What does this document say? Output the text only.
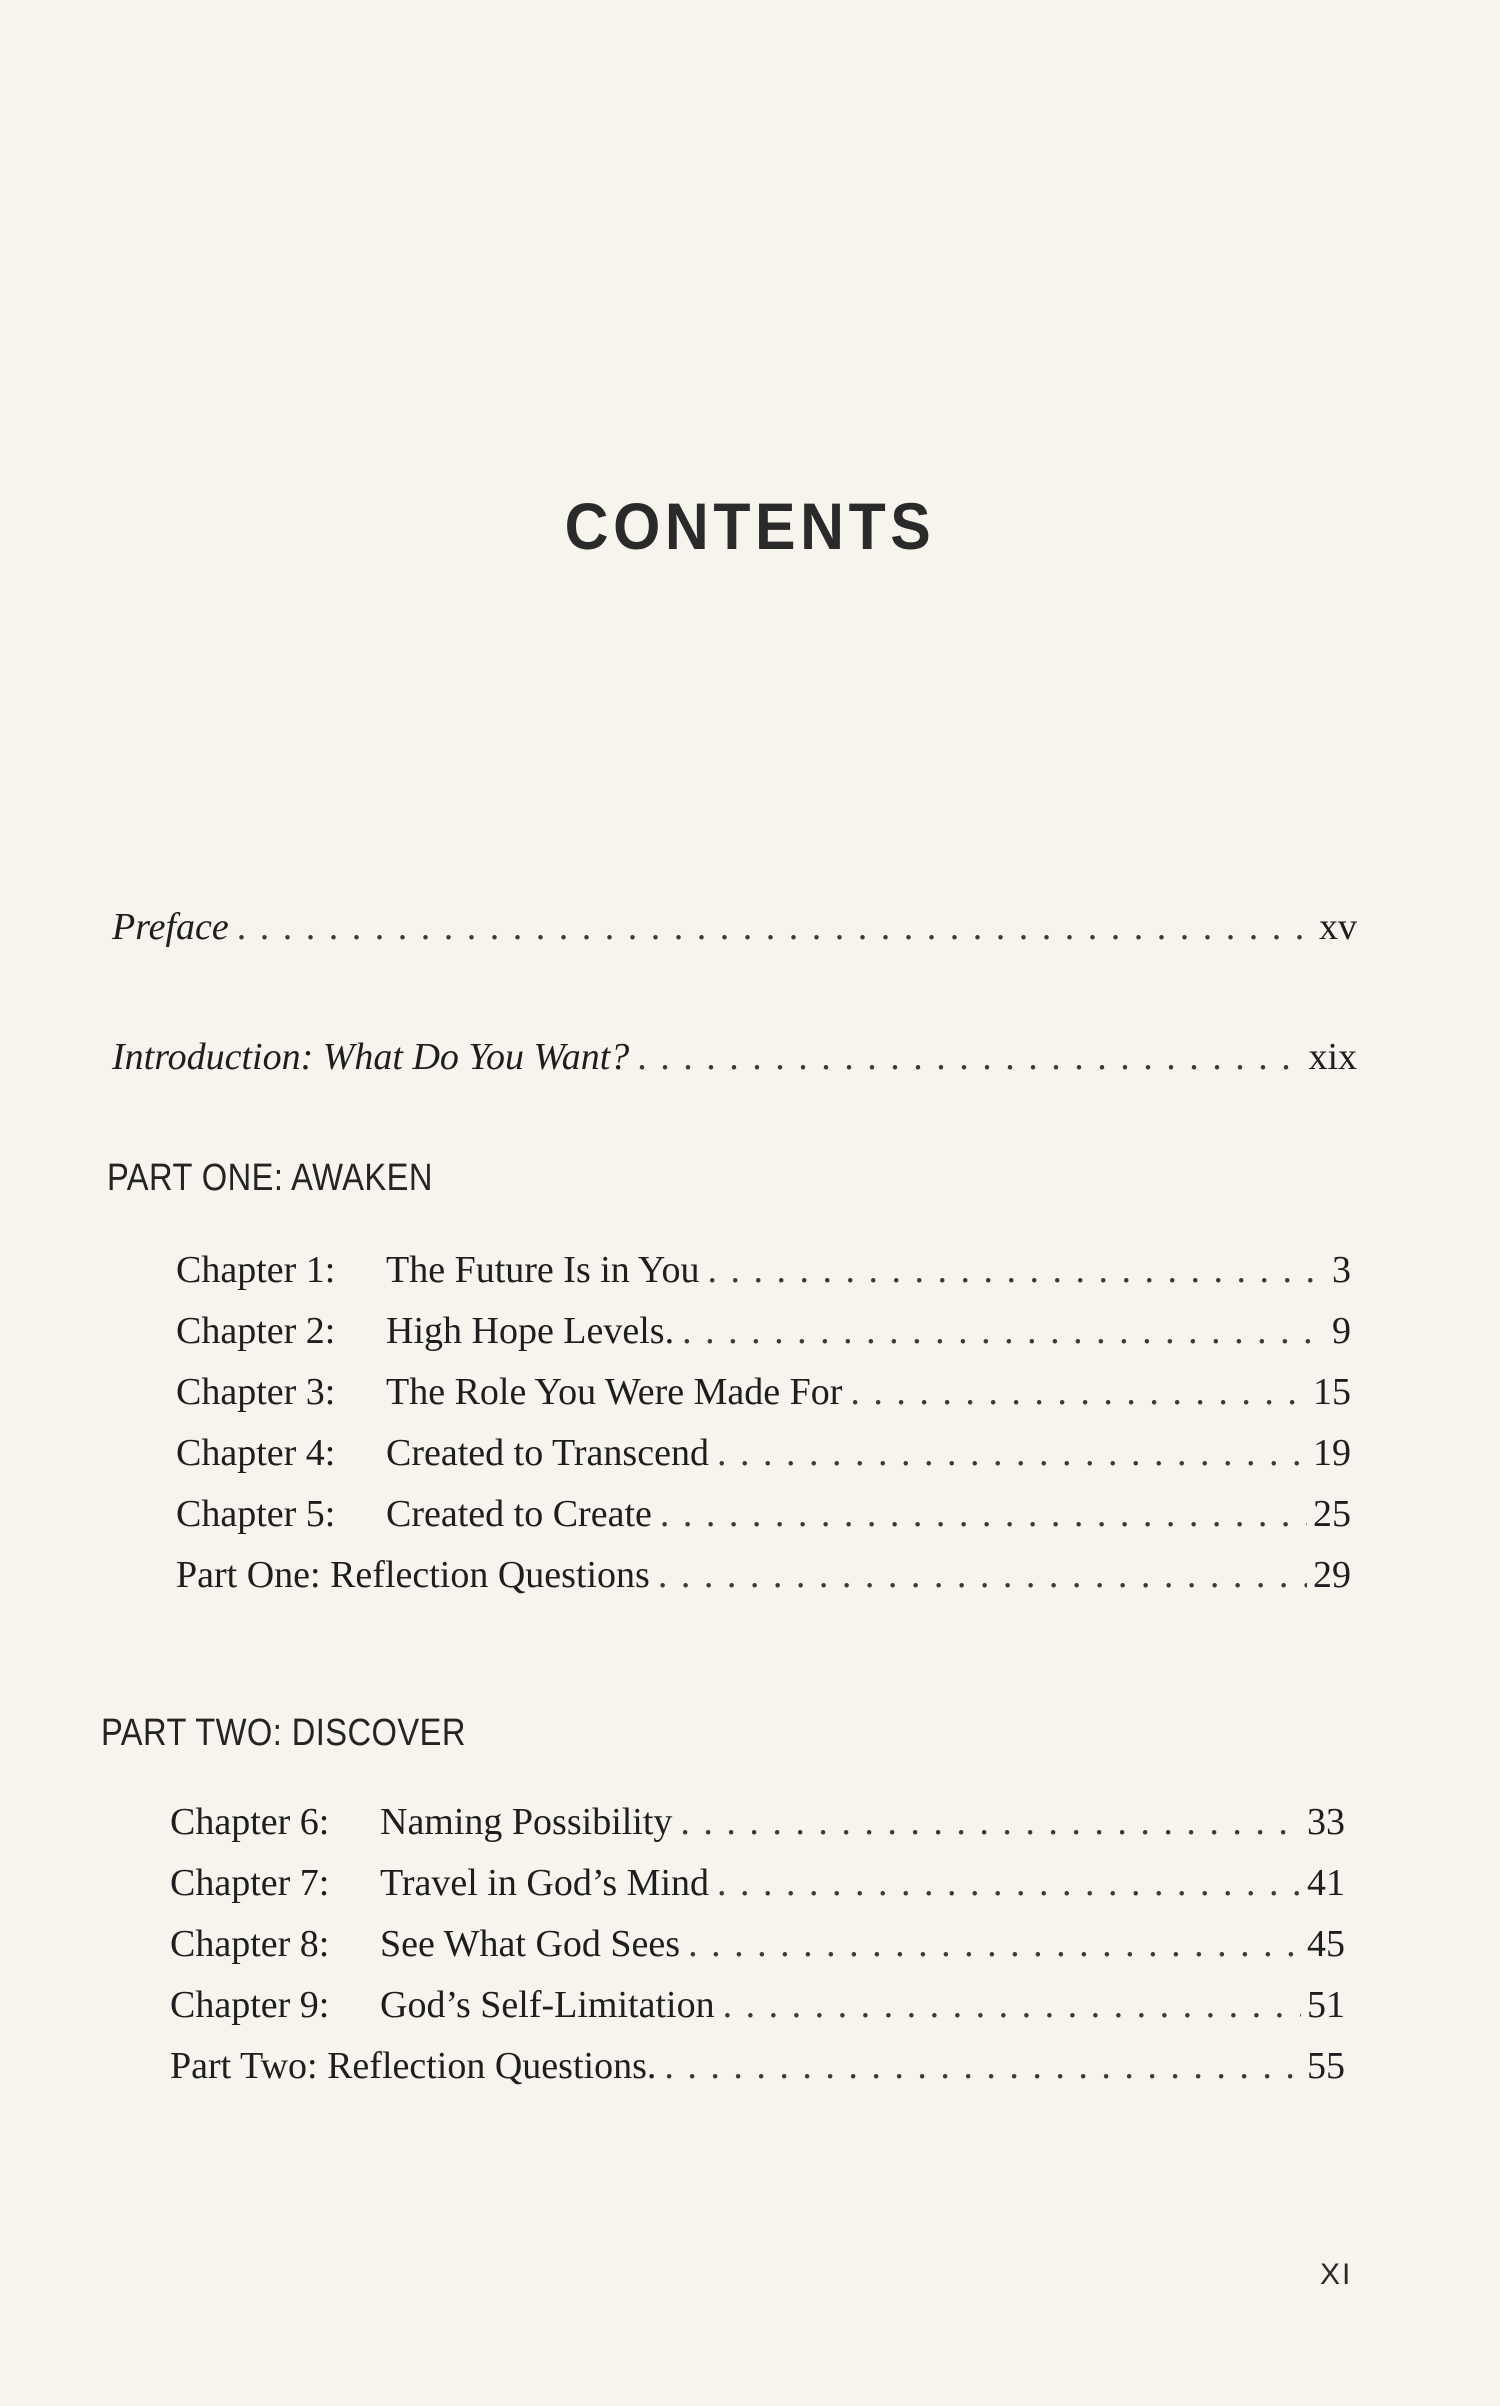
CONTENTS
Preface . . .	xv
Introduction: What Do You Want? . . .	xix
PART ONE: AWAKEN
Chapter 1:	The Future Is in You . . .	3
Chapter 2:	High Hope Levels. . . .	9
Chapter 3:	The Role You Were Made For . . .	15
Chapter 4:	Created to Transcend . . .	19
Chapter 5:	Created to Create . . .	25
Part One: Reflection Questions . . .	29
PART TWO: DISCOVER
Chapter 6:	Naming Possibility . . .	33
Chapter 7:	Travel in God’s Mind . . .	41
Chapter 8:	See What God Sees . . .	45
Chapter 9:	God’s Self-Limitation . . .	51
Part Two: Reflection Questions. . . .	55
XI
